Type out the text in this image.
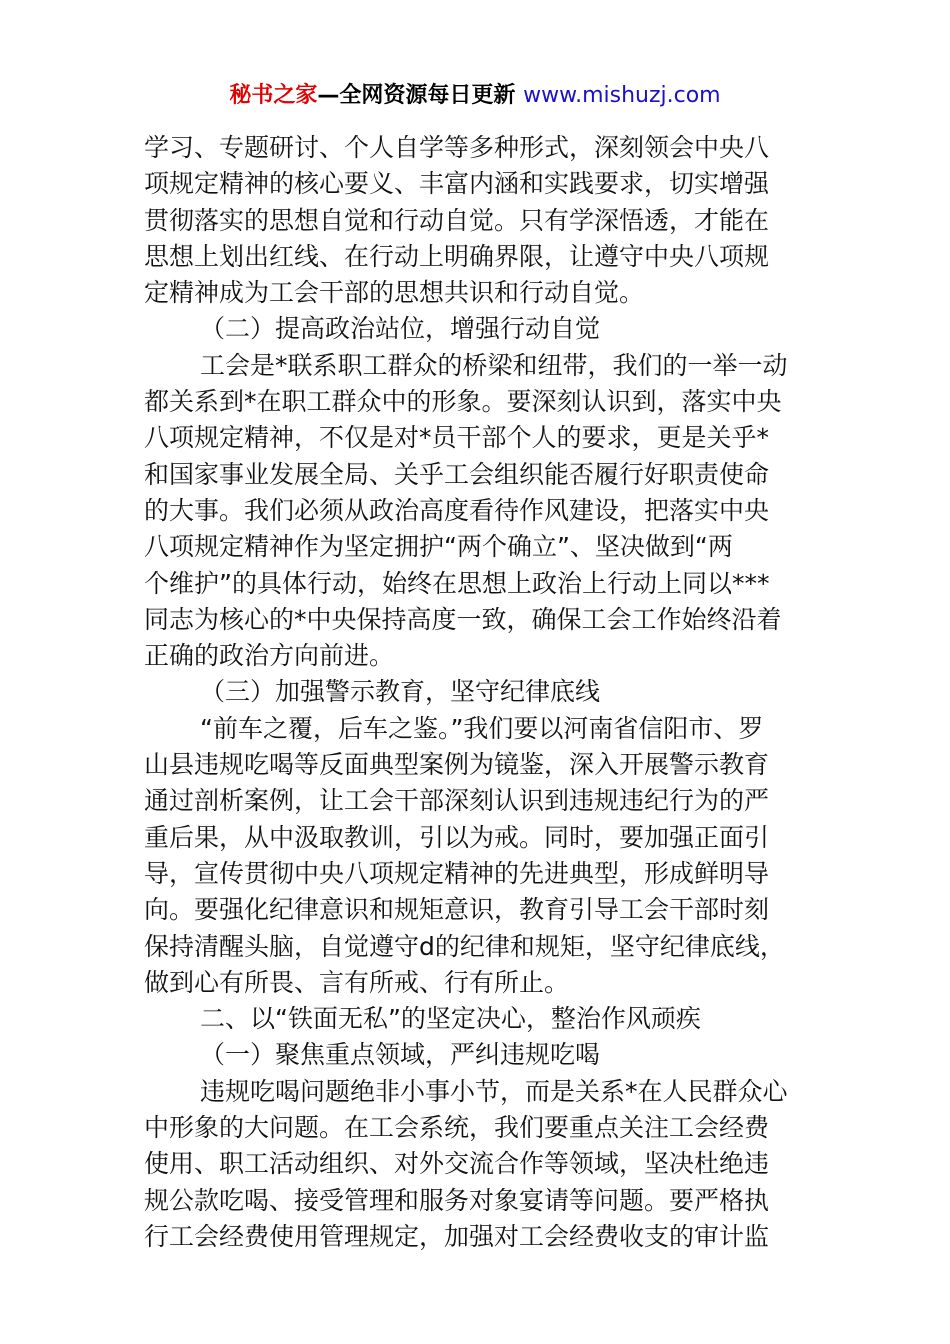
秘书之家—全网资源每日更新 www.mishuzj.com
学习、专题研讨、个人自学等多种形式，深刻领会中央八
项规定精神的核心要义、丰富内涵和实践要求，切实增强
贯彻落实的思想自觉和行动自觉。只有学深悟透，才能在
思想上划出红线、在行动上明确界限，让遵守中央八项规
定精神成为工会干部的思想共识和行动自觉。
（二）提高政治站位，增强行动自觉
工会是*联系职工群众的桥梁和纽带，我们的一举一动
都关系到*在职工群众中的形象。要深刻认识到，落实中央
八项规定精神，不仅是对*员干部个人的要求，更是关乎*
和国家事业发展全局、关乎工会组织能否履行好职责使命
的大事。我们必须从政治高度看待作风建设，把落实中央
八项规定精神作为坚定拥护“两个确立”、坚决做到“两
个维护”的具体行动，始终在思想上政治上行动上同以***
同志为核心的*中央保持高度一致，确保工会工作始终沿着
正确的政治方向前进。
（三）加强警示教育，坚守纪律底线
“前车之覆，后车之鉴。”我们要以河南省信阳市、罗
山县违规吃喝等反面典型案例为镜鉴，深入开展警示教育
通过剖析案例，让工会干部深刻认识到违规违纪行为的严
重后果，从中汲取教训，引以为戒。同时，要加强正面引
导，宣传贯彻中央八项规定精神的先进典型，形成鲜明导
向。要强化纪律意识和规矩意识，教育引导工会干部时刻
保持清醒头脑，自觉遵守d的纪律和规矩，坚守纪律底线，
做到心有所畏、言有所戒、行有所止。
二、以“铁面无私”的坚定决心，整治作风顽疾
（一）聚焦重点领域，严纠违规吃喝
违规吃喝问题绝非小事小节，而是关系*在人民群众心
中形象的大问题。在工会系统，我们要重点关注工会经费
使用、职工活动组织、对外交流合作等领域，坚决杜绝违
规公款吃喝、接受管理和服务对象宴请等问题。要严格执
行工会经费使用管理规定，加强对工会经费收支的审计监
